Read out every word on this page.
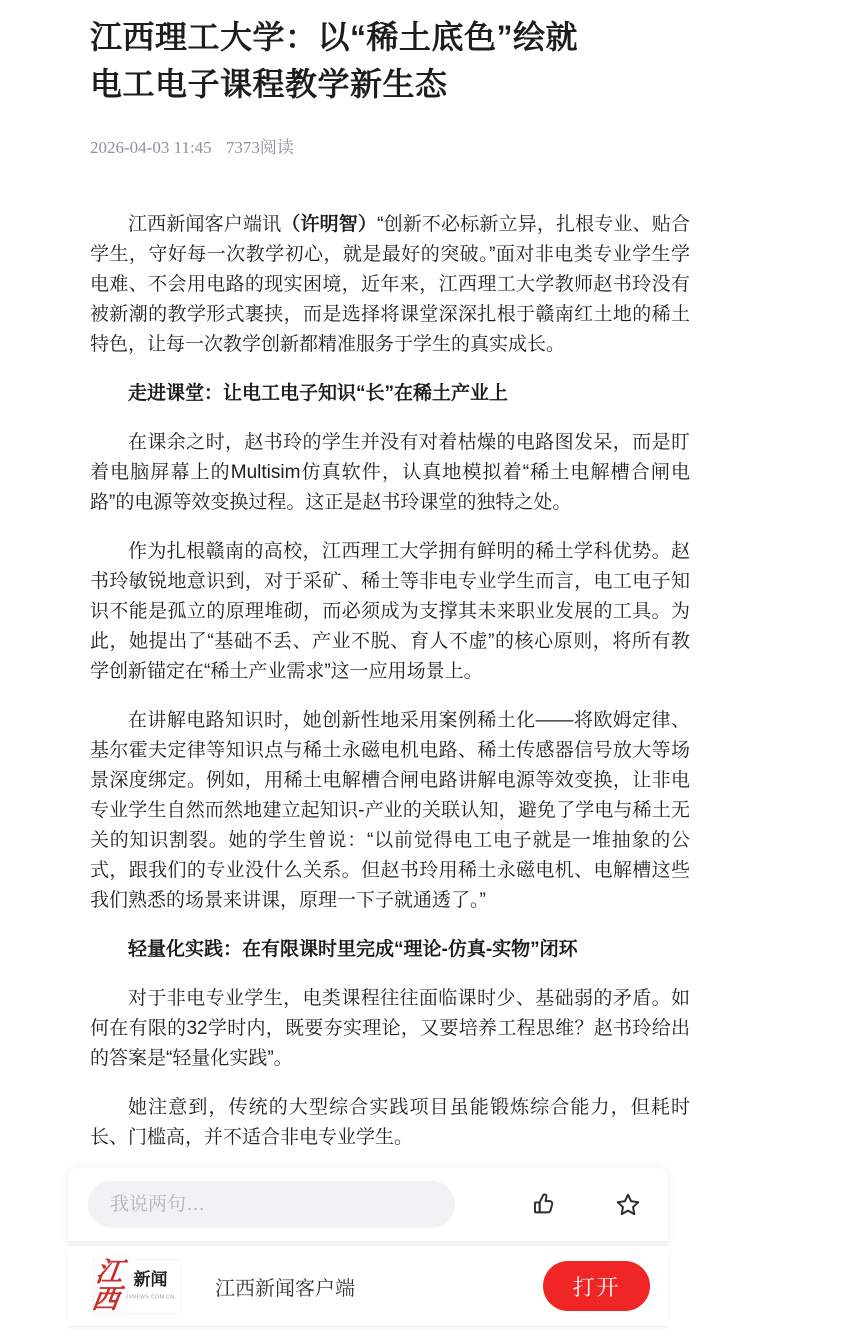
江西理工大学：以“稀土底色”绘就
电工电子课程教学新生态
2026-04-03 11:45 7373阅读

江西新闻客户端讯（许明智）“创新不必标新立异，扎根专业、贴合学生，守好每一次教学初心，就是最好的突破。”面对非电类专业学生学电难、不会用电路的现实困境，近年来，江西理工大学教师赵书玲没有被新潮的教学形式裹挟，而是选择将课堂深深扎根于赣南红土地的稀土特色，让每一次教学创新都精准服务于学生的真实成长。

走进课堂：让电工电子知识“长”在稀土产业上

在课余之时，赵书玲的学生并没有对着枯燥的电路图发呆，而是盯着电脑屏幕上的Multisim仿真软件，认真地模拟着“稀土电解槽合闸电路”的电源等效变换过程。这正是赵书玲课堂的独特之处。

作为扎根赣南的高校，江西理工大学拥有鲜明的稀土学科优势。赵书玲敏锐地意识到，对于采矿、稀土等非电专业学生而言，电工电子知识不能是孤立的原理堆砌，而必须成为支撑其未来职业发展的工具。为此，她提出了“基础不丢、产业不脱、育人不虚”的核心原则，将所有教学创新锚定在“稀土产业需求”这一应用场景上。

在讲解电路知识时，她创新性地采用案例稀土化——将欧姆定律、基尔霍夫定律等知识点与稀土永磁电机电路、稀土传感器信号放大等场景深度绑定。例如，用稀土电解槽合闸电路讲解电源等效变换，让非电专业学生自然而然地建立起知识-产业的关联认知，避免了学电与稀土无关的知识割裂。她的学生曾说：“以前觉得电工电子就是一堆抽象的公式，跟我们的专业没什么关系。但赵书玲用稀土永磁电机、电解槽这些我们熟悉的场景来讲课，原理一下子就通透了。”

轻量化实践：在有限课时里完成“理论-仿真-实物”闭环

对于非电专业学生，电类课程往往面临课时少、基础弱的矛盾。如何在有限的32学时内，既要夯实理论，又要培养工程思维？赵书玲给出的答案是“轻量化实践”。

她注意到，传统的大型综合实践项目虽能锻炼综合能力，但耗时长、门槛高，并不适合非电专业学生。

我说两句…
江西
新闻
-JXNEWS.COM.CN- 江西新闻客户端	打开
